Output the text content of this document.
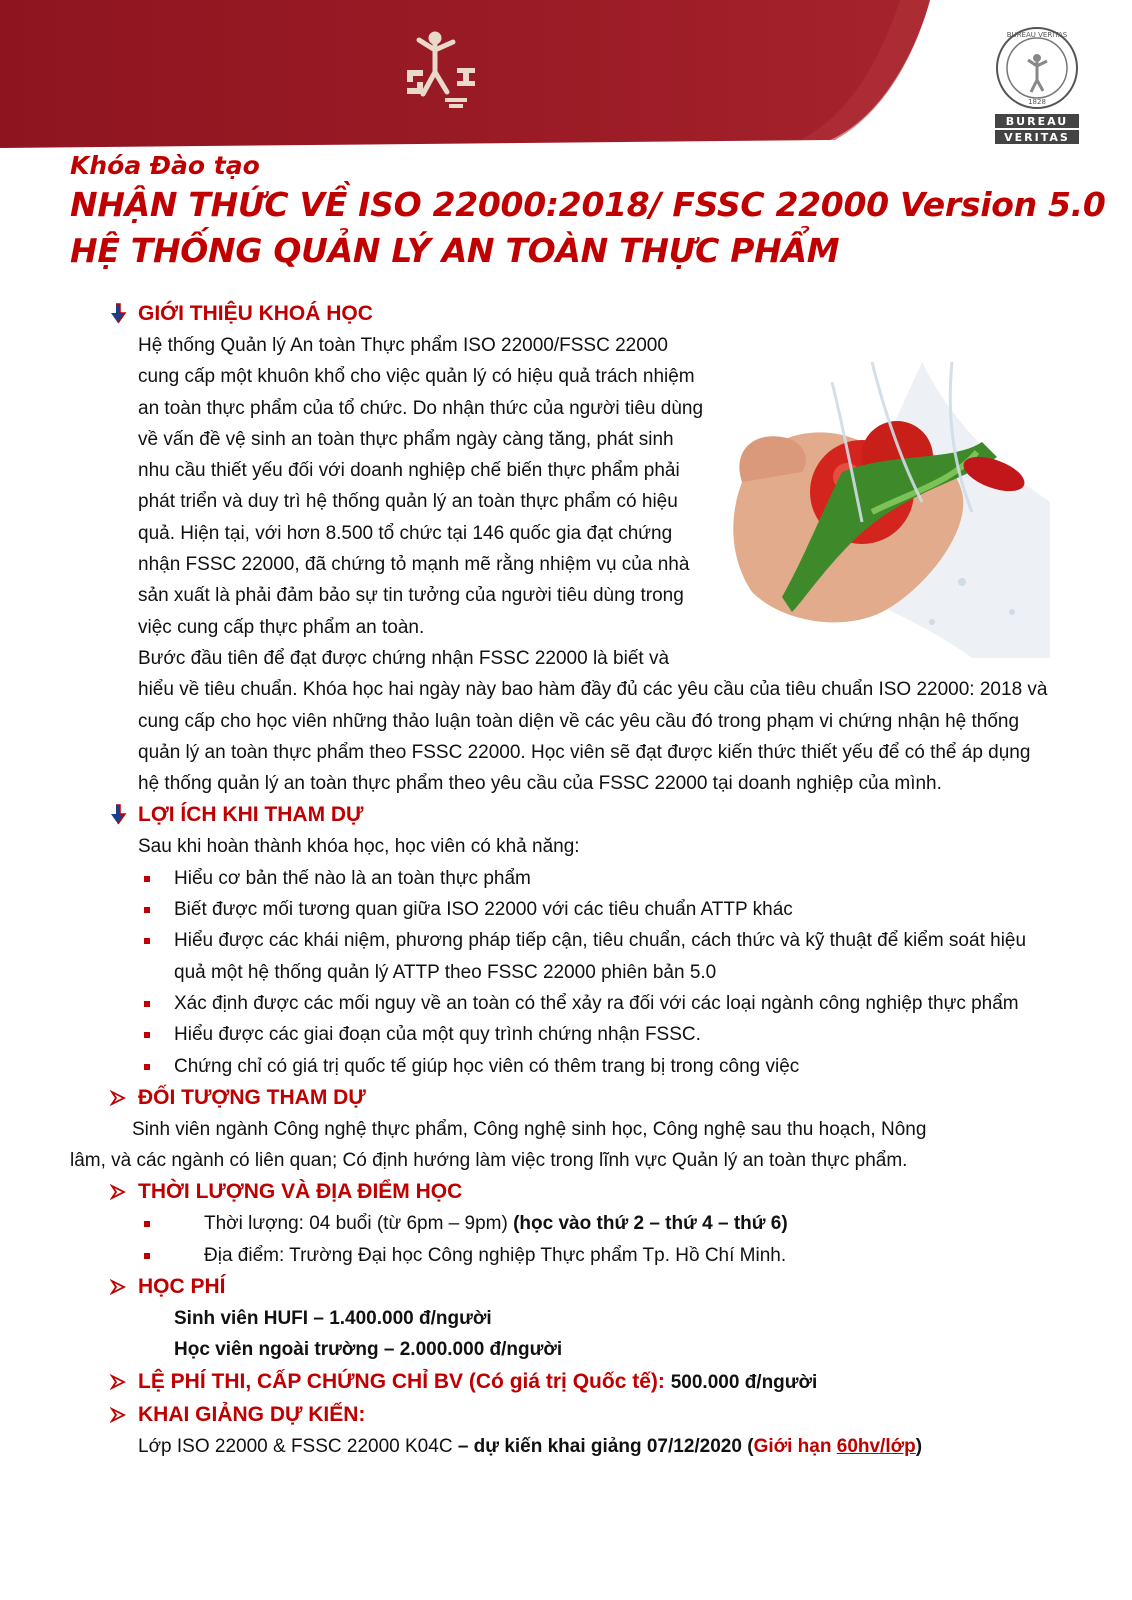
BUREAU VERITAS
1828
BUREAU
VERITAS
Khóa Đào tạo
NHẬN THỨC VỀ ISO 22000:2018/ FSSC 22000 Version 5.0
HỆ THỐNG QUẢN LÝ AN TOÀN THỰC PHẨM
GIỚI THIỆU KHOÁ HỌC
Hệ thống Quản lý An toàn Thực phẩm ISO 22000/FSSC 22000 cung cấp một khuôn khổ cho việc quản lý có hiệu quả trách nhiệm an toàn thực phẩm của tổ chức. Do nhận thức của người tiêu dùng về vấn đề vệ sinh an toàn thực phẩm ngày càng tăng, phát sinh nhu cầu thiết yếu đối với doanh nghiệp chế biến thực phẩm phải phát triển và duy trì hệ thống quản lý an toàn thực phẩm có hiệu quả. Hiện tại, với hơn 8.500 tổ chức tại 146 quốc gia đạt chứng nhận FSSC 22000, đã chứng tỏ mạnh mẽ rằng nhiệm vụ của nhà sản xuất là phải đảm bảo sự tin tưởng của người tiêu dùng trong việc cung cấp thực phẩm an toàn.
Bước đầu tiên để đạt được chứng nhận FSSC 22000 là biết và hiểu về tiêu chuẩn. Khóa học hai ngày này bao hàm đầy đủ các yêu cầu của tiêu chuẩn ISO 22000: 2018 và cung cấp cho học viên những thảo luận toàn diện về các yêu cầu đó trong phạm vi chứng nhận hệ thống quản lý an toàn thực phẩm theo FSSC 22000. Học viên sẽ đạt được kiến thức thiết yếu để có thể áp dụng hệ thống quản lý an toàn thực phẩm theo yêu cầu của FSSC 22000 tại doanh nghiệp của mình.
LỢI ÍCH KHI THAM DỰ
Sau khi hoàn thành khóa học, học viên có khả năng:
Hiểu cơ bản thế nào là an toàn thực phẩm
Biết được mối tương quan giữa ISO 22000 với các tiêu chuẩn ATTP khác
Hiểu được các khái niệm, phương pháp tiếp cận, tiêu chuẩn, cách thức và kỹ thuật để kiểm soát hiệu quả một hệ thống quản lý ATTP theo FSSC 22000 phiên bản 5.0
Xác định được các mối nguy về an toàn có thể xảy ra đối với các loại ngành công nghiệp thực phẩm
Hiểu được các giai đoạn của một quy trình chứng nhận FSSC.
Chứng chỉ có giá trị quốc tế giúp học viên có thêm trang bị trong công việc
ĐỐI TƯỢNG THAM DỰ
Sinh viên ngành Công nghệ thực phẩm, Công nghệ sinh học, Công nghệ sau thu hoạch, Nông
lâm, và các ngành có liên quan; Có định hướng làm việc trong lĩnh vực Quản lý an toàn thực phẩm.
THỜI LƯỢNG VÀ ĐỊA ĐIỂM HỌC
Thời lượng: 04 buổi (từ 6pm – 9pm) (học vào thứ 2 – thứ 4 – thứ 6)
Địa điểm: Trường Đại học Công nghiệp Thực phẩm Tp. Hồ Chí Minh.
HỌC PHÍ
Sinh viên HUFI – 1.400.000 đ/người
Học viên ngoài trường – 2.000.000 đ/người
LỆ PHÍ THI, CẤP CHỨNG CHỈ BV (Có giá trị Quốc tế): 500.000 đ/người
KHAI GIẢNG DỰ KIẾN:
Lớp ISO 22000 & FSSC 22000 K04C – dự kiến khai giảng 07/12/2020 (Giới hạn 60hv/lớp)
